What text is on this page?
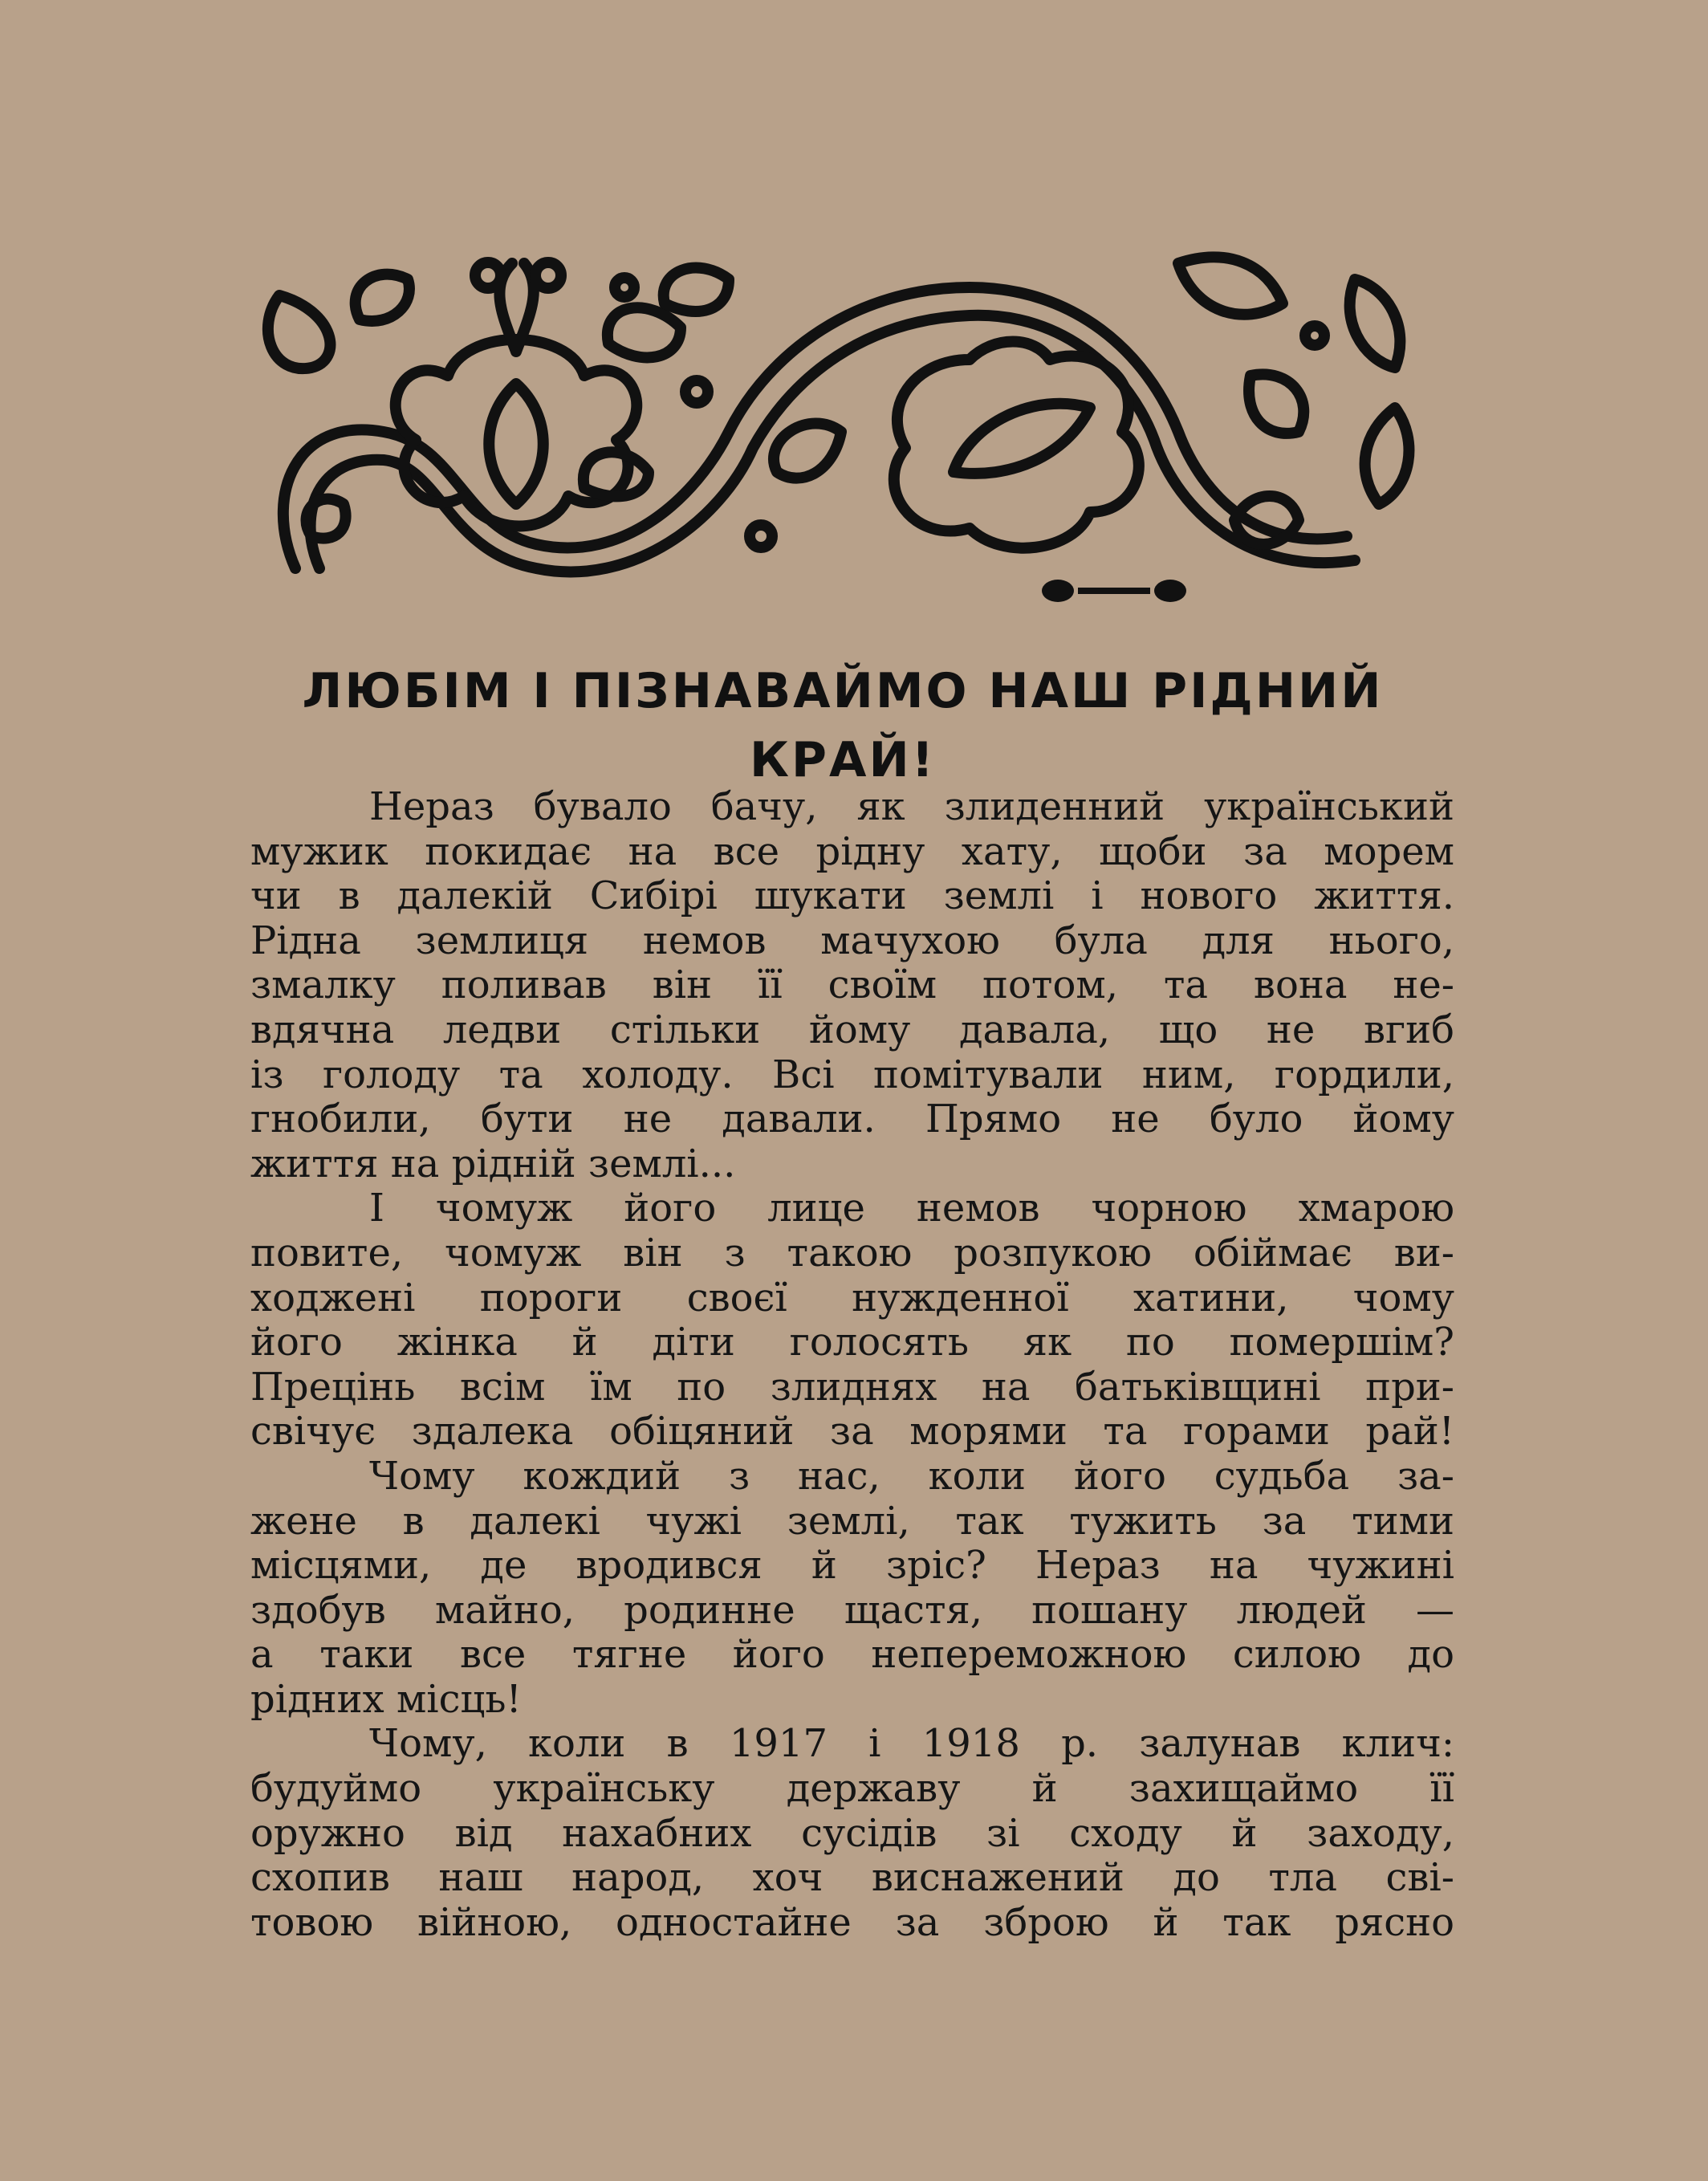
ЛЮБІМ І ПІЗНАВАЙМО НАШ РІДНИЙ
КРАЙ!
Нераз бувало бачу, як злиденний український
мужик покидає на все рідну хату, щоби за морем
чи в далекій Сибірі шукати землі і нового життя.
Рідна землиця немов мачухою була для нього,
змалку поливав він її своїм потом, та вона не-
вдячна ледви стільки йому давала, що не вгиб
із голоду та холоду. Всі помітували ним, гордили,
гнобили, бути не давали. Прямо не було йому
життя на рідній землі...
І чомуж його лице немов чорною хмарою
повите, чомуж він з такою розпукою обіймає ви-
ходжені пороги своєї нужденної хатини, чому
його жінка й діти голосять як по помершім?
Прецінь всім їм по злиднях на батьківщині при-
свічує здалека обіцяний за морями та горами рай!
Чому кождий з нас, коли його судьба за-
жене в далекі чужі землі, так тужить за тими
місцями, де вродився й зріс? Нераз на чужині
здобув майно, родинне щастя, пошану людей —
а таки все тягне його непереможною силою до
рідних місць!
Чому, коли в 1917 і 1918 р. залунав клич:
будуймо українську державу й захищаймо її
оружно від нахабних сусідів зі сходу й заходу,
схопив наш народ, хоч виснажений до тла сві-
товою війною, одностайне за зброю й так рясно
